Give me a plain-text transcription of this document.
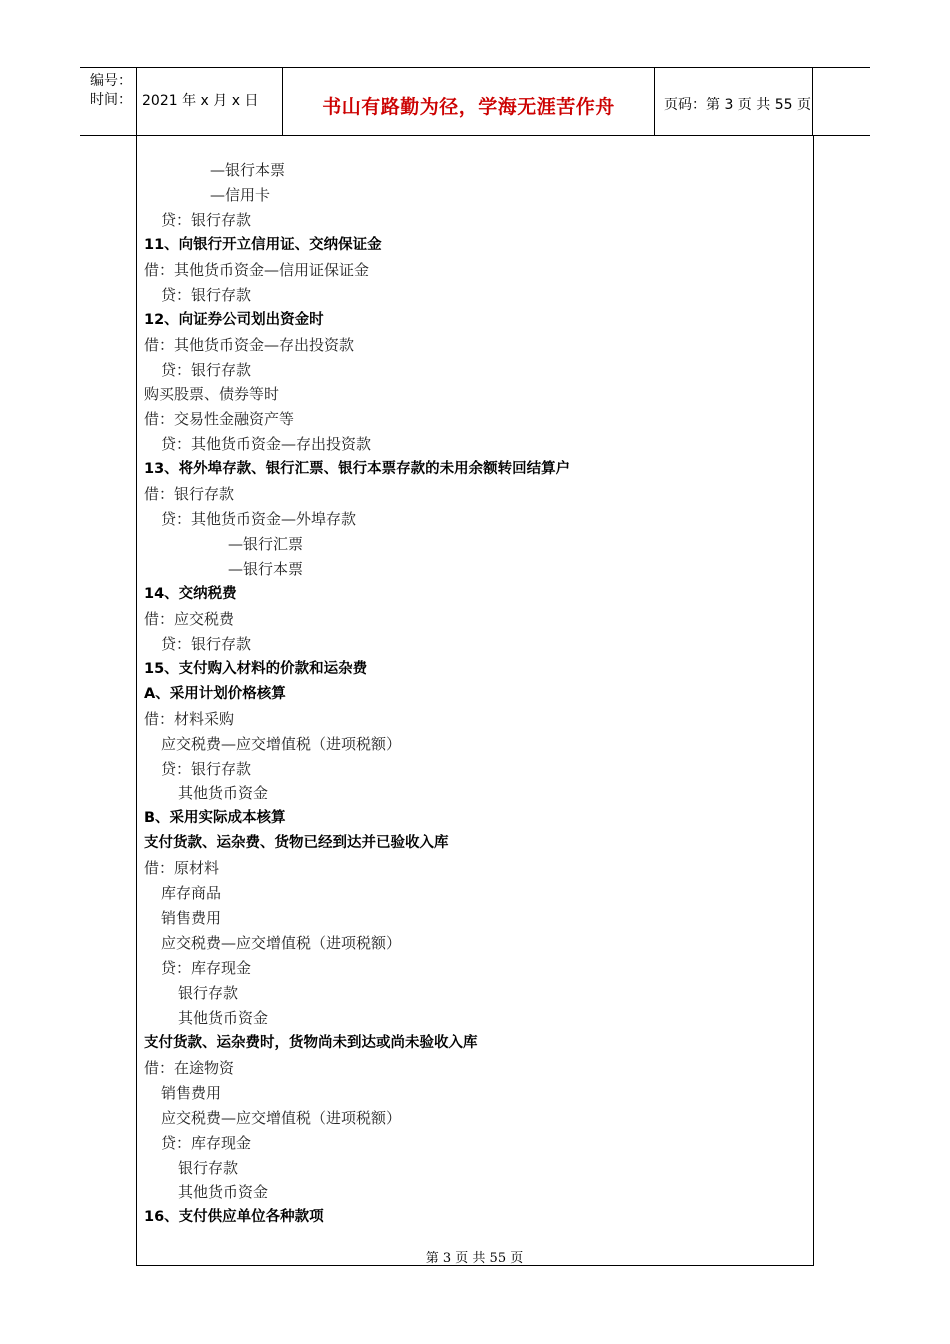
编号：
时间： 2021 年 x 月 x 日	书山有路勤为径，学海无涯苦作舟	页码：第 3 页 共 55 页
—银行本票
—信用卡
贷：银行存款
11、向银行开立信用证、交纳保证金
借：其他货币资金—信用证保证金
贷：银行存款
12、向证券公司划出资金时
借：其他货币资金—存出投资款
贷：银行存款
购买股票、债券等时
借：交易性金融资产等
贷：其他货币资金—存出投资款
13、将外埠存款、银行汇票、银行本票存款的未用余额转回结算户
借：银行存款
贷：其他货币资金—外埠存款
—银行汇票
—银行本票
14、交纳税费
借：应交税费
贷：银行存款
15、支付购入材料的价款和运杂费
A、采用计划价格核算
借：材料采购
应交税费—应交增值税（进项税额）
贷：银行存款
其他货币资金
B、采用实际成本核算
支付货款、运杂费、货物已经到达并已验收入库
借：原材料
库存商品
销售费用
应交税费—应交增值税（进项税额）
贷：库存现金
银行存款
其他货币资金
支付货款、运杂费时，货物尚未到达或尚未验收入库
借：在途物资
销售费用
应交税费—应交增值税（进项税额）
贷：库存现金
银行存款
其他货币资金
16、支付供应单位各种款项
第 3 页 共 55 页
